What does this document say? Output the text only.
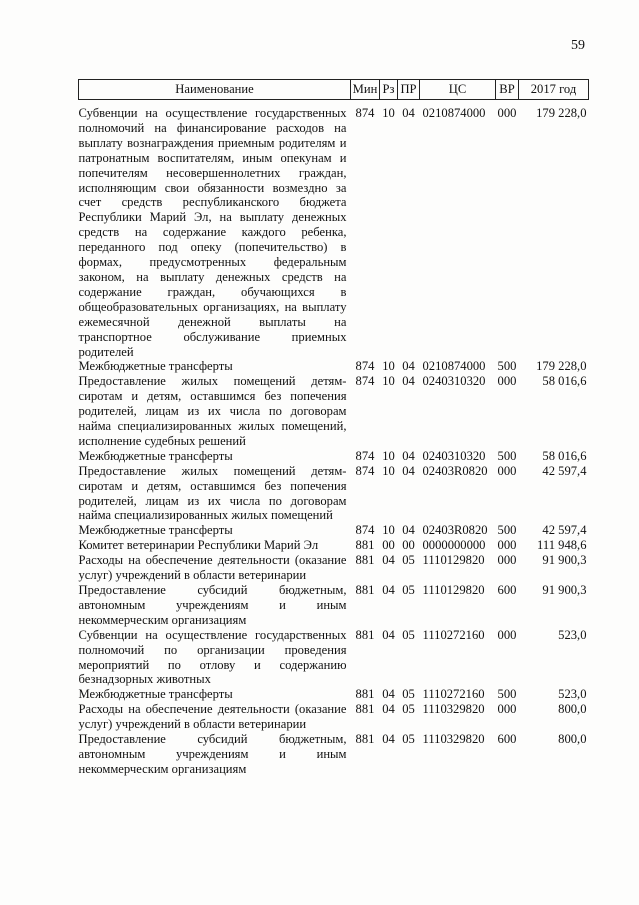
59
Наименование	Мин	Рз	ПР	ЦС	ВР	2017 год
Субвенции на осуществление государственных полномочий на финансирование расходов на выплату вознаграждения приемным родителям и патронатным воспитателям, иным опекунам и попечителям несовершеннолетних граждан, исполняющим свои обязанности возмездно за счет средств республиканского бюджета Республики Марий Эл, на выплату денежных средств на содержание каждого ребенка, переданного под опеку (попечительство) в формах, предусмотренных федеральным законом, на выплату денежных средств на содержание граждан, обучающихся в общеобразовательных организациях, на выплату ежемесячной денежной выплаты на транспортное обслуживание приемных родителей	874	10	04	0210874000	000	179 228,0
Межбюджетные трансферты	874	10	04	0210874000	500	179 228,0
Предоставление жилых помещений детям-сиротам и детям, оставшимся без попечения родителей, лицам из их числа по договорам найма специализированных жилых помещений, исполнение судебных решений	874	10	04	0240310320	000	58 016,6
Межбюджетные трансферты	874	10	04	0240310320	500	58 016,6
Предоставление жилых помещений детям-сиротам и детям, оставшимся без попечения родителей, лицам из их числа по договорам найма специализированных жилых помещений	874	10	04	02403R0820	000	42 597,4
Межбюджетные трансферты	874	10	04	02403R0820	500	42 597,4
Комитет ветеринарии Республики Марий Эл	881	00	00	0000000000	000	111 948,6
Расходы на обеспечение деятельности (оказание услуг) учреждений в области ветеринарии	881	04	05	1110129820	000	91 900,3
Предоставление субсидий бюджетным, автономным учреждениям и иным некоммерческим организациям	881	04	05	1110129820	600	91 900,3
Субвенции на осуществление государственных полномочий по организации проведения мероприятий по отлову и содержанию безнадзорных животных	881	04	05	1110272160	000	523,0
Межбюджетные трансферты	881	04	05	1110272160	500	523,0
Расходы на обеспечение деятельности (оказание услуг) учреждений в области ветеринарии	881	04	05	1110329820	000	800,0
Предоставление субсидий бюджетным, автономным учреждениям и иным некоммерческим организациям	881	04	05	1110329820	600	800,0
